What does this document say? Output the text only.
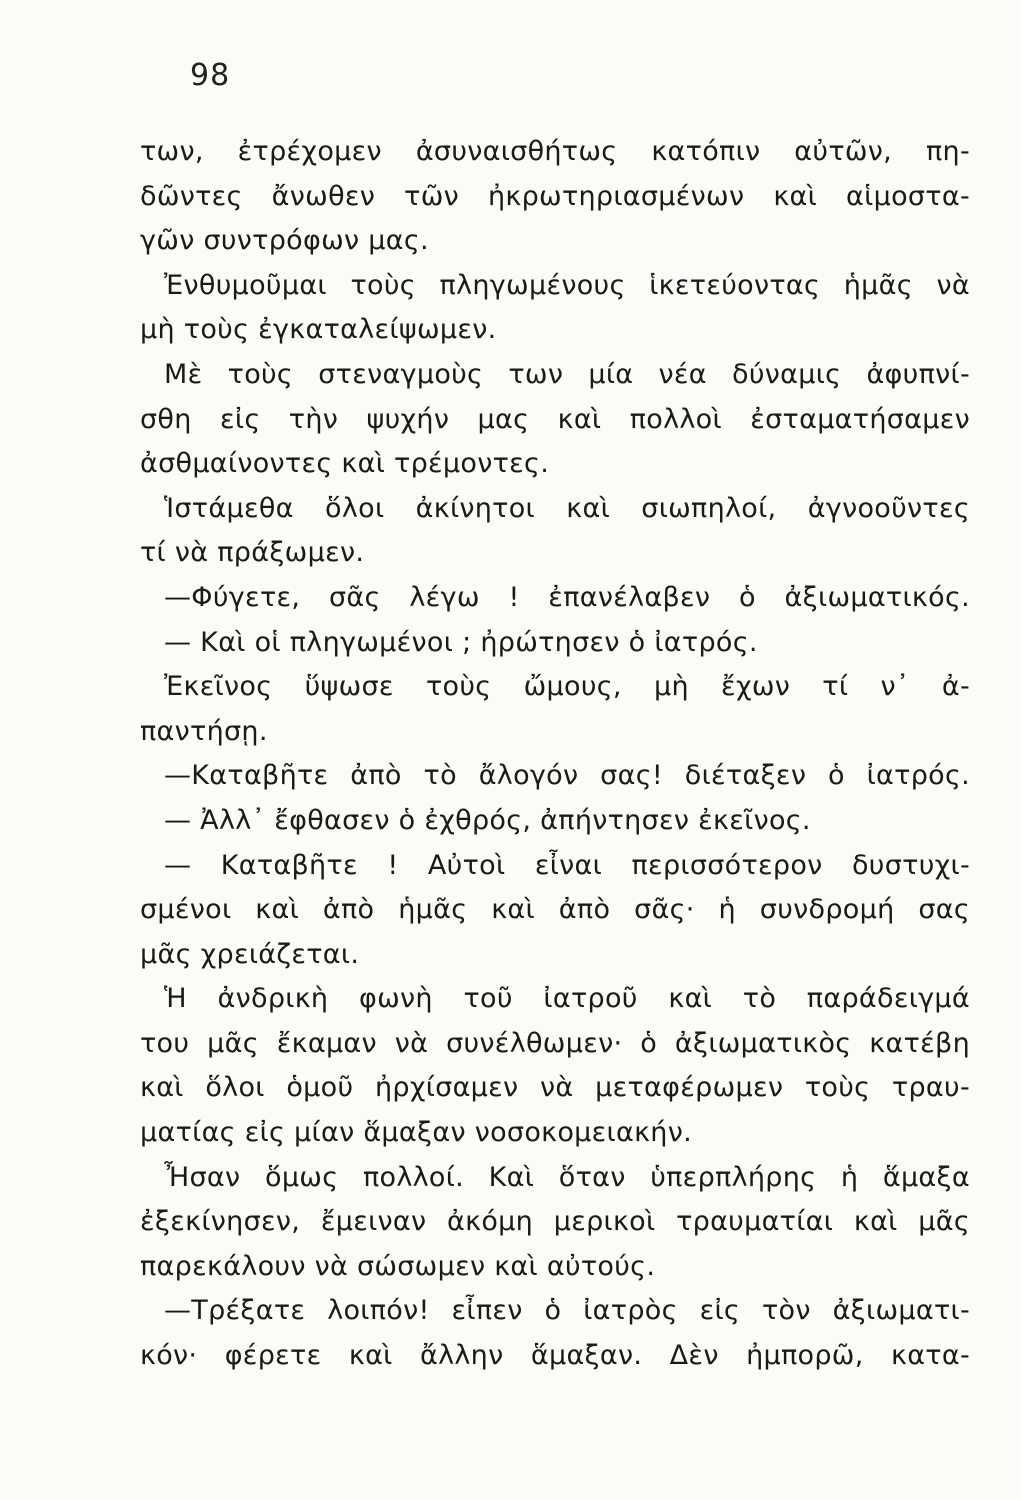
98
των, ἐτρέχομεν ἀσυναισθήτως κατόπιν αὐτῶν, πη-
δῶντες ἄνωθεν τῶν ἠκρωτηριασμένων καὶ αἱμοστα-
γῶν συντρόφων μας.
Ἐνθυμοῦμαι τοὺς πληγωμένους ἱκετεύοντας ἡμᾶς νὰ
μὴ τοὺς ἐγκαταλείψωμεν.
Μὲ τοὺς στεναγμοὺς των μία νέα δύναμις ἀφυπνί-
σθη εἰς τὴν ψυχήν μας καὶ πολλοὶ ἐσταματήσαμεν
ἀσθμαίνοντες καὶ τρέμοντες.
Ἱστάμεθα ὅλοι ἀκίνητοι καὶ σιωπηλοί, ἀγνοοῦντες
τί νὰ πράξωμεν.
—Φύγετε, σᾶς λέγω ! ἐπανέλαβεν ὁ ἀξιωματικός.
— Καὶ οἱ πληγωμένοι ; ἠρώτησεν ὁ ἰατρός.
Ἐκεῖνος ὕψωσε τοὺς ὤμους, μὴ ἔχων τί ν᾽ ἀ-
παντήσῃ.
—Καταβῆτε ἀπὸ τὸ ἄλογόν σας! διέταξεν ὁ ἰατρός.
— Ἀλλ᾽ ἔφθασεν ὁ ἐχθρός, ἀπήντησεν ἐκεῖνος.
— Καταβῆτε ! Αὐτοὶ εἶναι περισσότερον δυστυχι-
σμένοι καὶ ἀπὸ ἡμᾶς καὶ ἀπὸ σᾶς· ἡ συνδρομή σας
μᾶς χρειάζεται.
Ἡ ἀνδρικὴ φωνὴ τοῦ ἰατροῦ καὶ τὸ παράδειγμά
του μᾶς ἔκαμαν νὰ συνέλθωμεν· ὁ ἀξιωματικὸς κατέβη
καὶ ὅλοι ὁμοῦ ἠρχίσαμεν νὰ μεταφέρωμεν τοὺς τραυ-
ματίας εἰς μίαν ἅμαξαν νοσοκομειακήν.
Ἦσαν ὅμως πολλοί. Καὶ ὅταν ὑπερπλήρης ἡ ἅμαξα
ἐξεκίνησεν, ἔμειναν ἀκόμη μερικοὶ τραυματίαι καὶ μᾶς
παρεκάλουν νὰ σώσωμεν καὶ αὐτούς.
—Τρέξατε λοιπόν! εἶπεν ὁ ἰατρὸς εἰς τὸν ἀξιωματι-
κόν· φέρετε καὶ ἄλλην ἅμαξαν. Δὲν ἠμπορῶ, κατα-
